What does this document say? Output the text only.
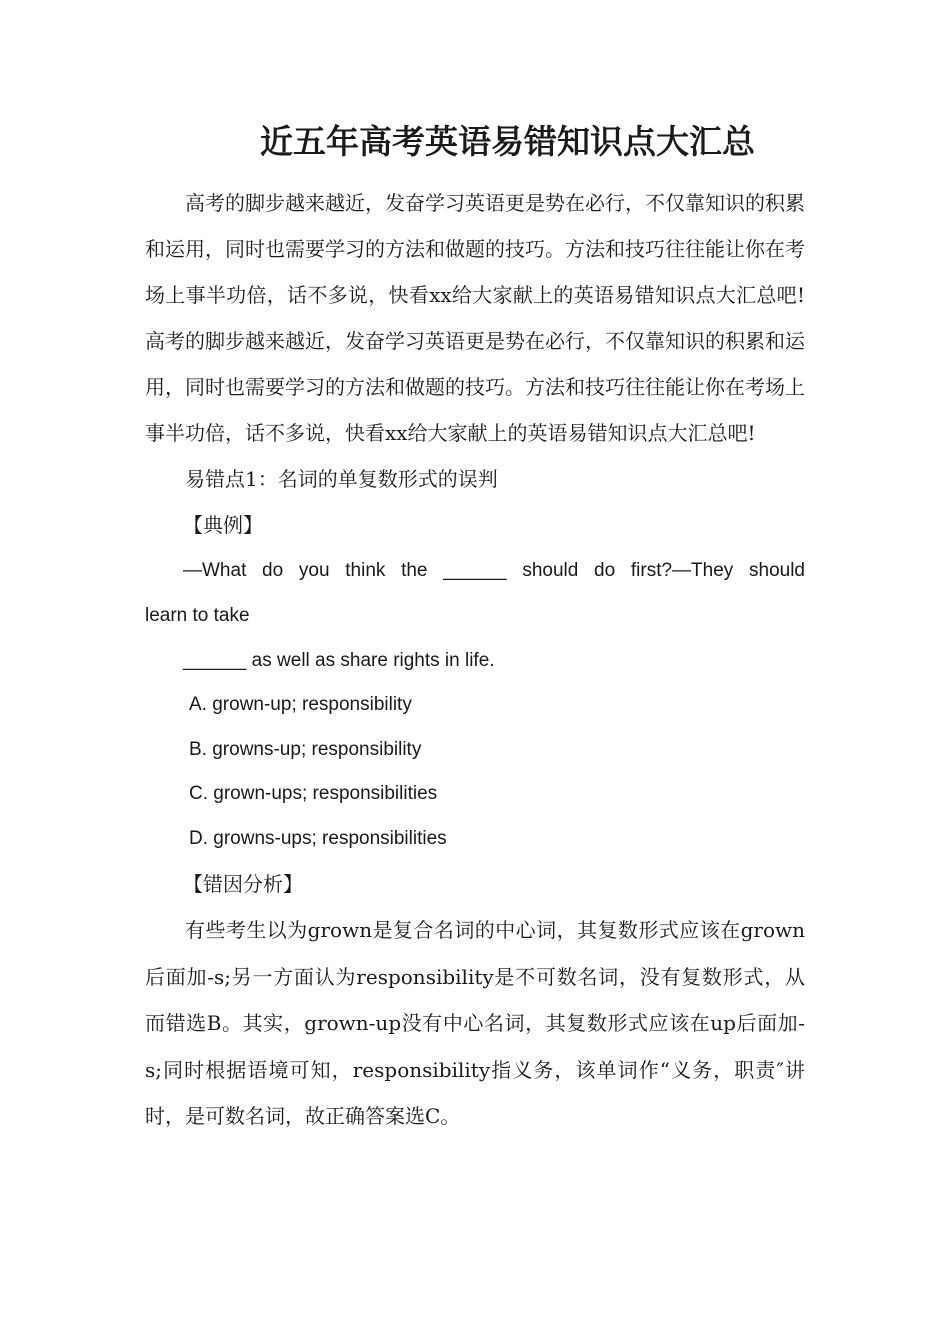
近五年高考英语易错知识点大汇总

高考的脚步越来越近，发奋学习英语更是势在必行，不仅靠知识的积累和运用，同时也需要学习的方法和做题的技巧。方法和技巧往往能让你在考场上事半功倍，话不多说，快看xx给大家献上的英语易错知识点大汇总吧!高考的脚步越来越近，发奋学习英语更是势在必行，不仅靠知识的积累和运用，同时也需要学习的方法和做题的技巧。方法和技巧往往能让你在考场上事半功倍，话不多说，快看xx给大家献上的英语易错知识点大汇总吧!

易错点1：名词的单复数形式的误判

【典例】

—What do you think the ______ should do first?—They should

learn to take

______ as well as share rights in life.

A. grown-up; responsibility

B. growns-up; responsibility

C. grown-ups; responsibilities

D. growns-ups; responsibilities

【错因分析】

有些考生以为grown是复合名词的中心词，其复数形式应该在grown后面加-s;另一方面认为responsibility是不可数名词，没有复数形式，从而错选B。其实，grown-up没有中心名词，其复数形式应该在up后面加-s;同时根据语境可知，responsibility指义务，该单词作“义务，职责″讲时，是可数名词，故正确答案选C。
